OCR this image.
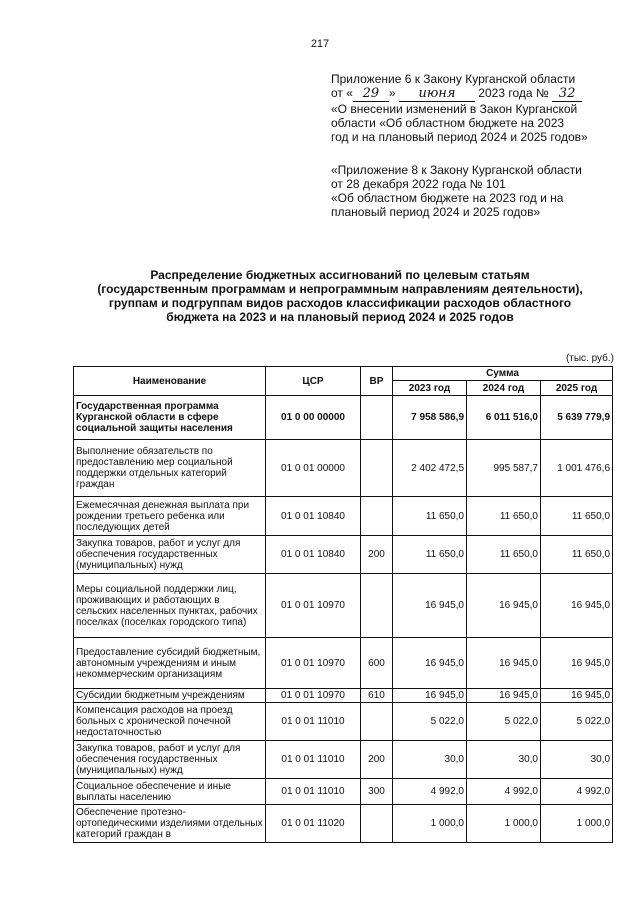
217
Приложение 6 к Закону Курганской области
от « 29 » июня 2023 года № 32
«О внесении изменений в Закон Курганской
области «Об областном бюджете на 2023
год и на плановый период 2024 и 2025 годов»
«Приложение 8 к Закону Курганской области
от 28 декабря 2022 года № 101
«Об областном бюджете на 2023 год и на
плановый период 2024 и 2025 годов»
Распределение бюджетных ассигнований по целевым статьям
(государственным программам и непрограммным направлениям деятельности),
группам и подгруппам видов расходов классификации расходов областного
бюджета на 2023 и на плановый период 2024 и 2025 годов
(тыс. руб.)
Наименование	ЦСР	ВР	Сумма		
			2023 год	2024 год	2025 год
Государственная программа Курганской области в сфере социальной защиты населения	01 0 00 00000		7 958 586,9	6 011 516,0	5 639 779,9
Выполнение обязательств по предоставлению мер социальной поддержки отдельных категорий граждан	01 0 01 00000		2 402 472,5	995 587,7	1 001 476,6
Ежемесячная денежная выплата при рождении третьего ребенка или последующих детей	01 0 01 10840		11 650,0	11 650,0	11 650,0
Закупка товаров, работ и услуг для обеспечения государственных (муниципальных) нужд	01 0 01 10840	200	11 650,0	11 650,0	11 650,0
Меры социальной поддержки лиц, проживающих и работающих в сельских населенных пунктах, рабочих поселках (поселках городского типа)	01 0 01 10970		16 945,0	16 945,0	16 945,0
Предоставление субсидий бюджетным, автономным учреждениям и иным некоммерческим организациям	01 0 01 10970	600	16 945,0	16 945,0	16 945,0
Субсидии бюджетным учреждениям	01 0 01 10970	610	16 945,0	16 945,0	16 945,0
Компенсация расходов на проезд больных с хронической почечной недостаточностью	01 0 01 11010		5 022,0	5 022,0	5 022,0
Закупка товаров, работ и услуг для обеспечения государственных (муниципальных) нужд	01 0 01 11010	200	30,0	30,0	30,0
Социальное обеспечение и иные выплаты населению	01 0 01 11010	300	4 992,0	4 992,0	4 992,0
Обеспечение протезно-ортопедическими изделиями отдельных категорий граждан в	01 0 01 11020		1 000,0	1 000,0	1 000,0
